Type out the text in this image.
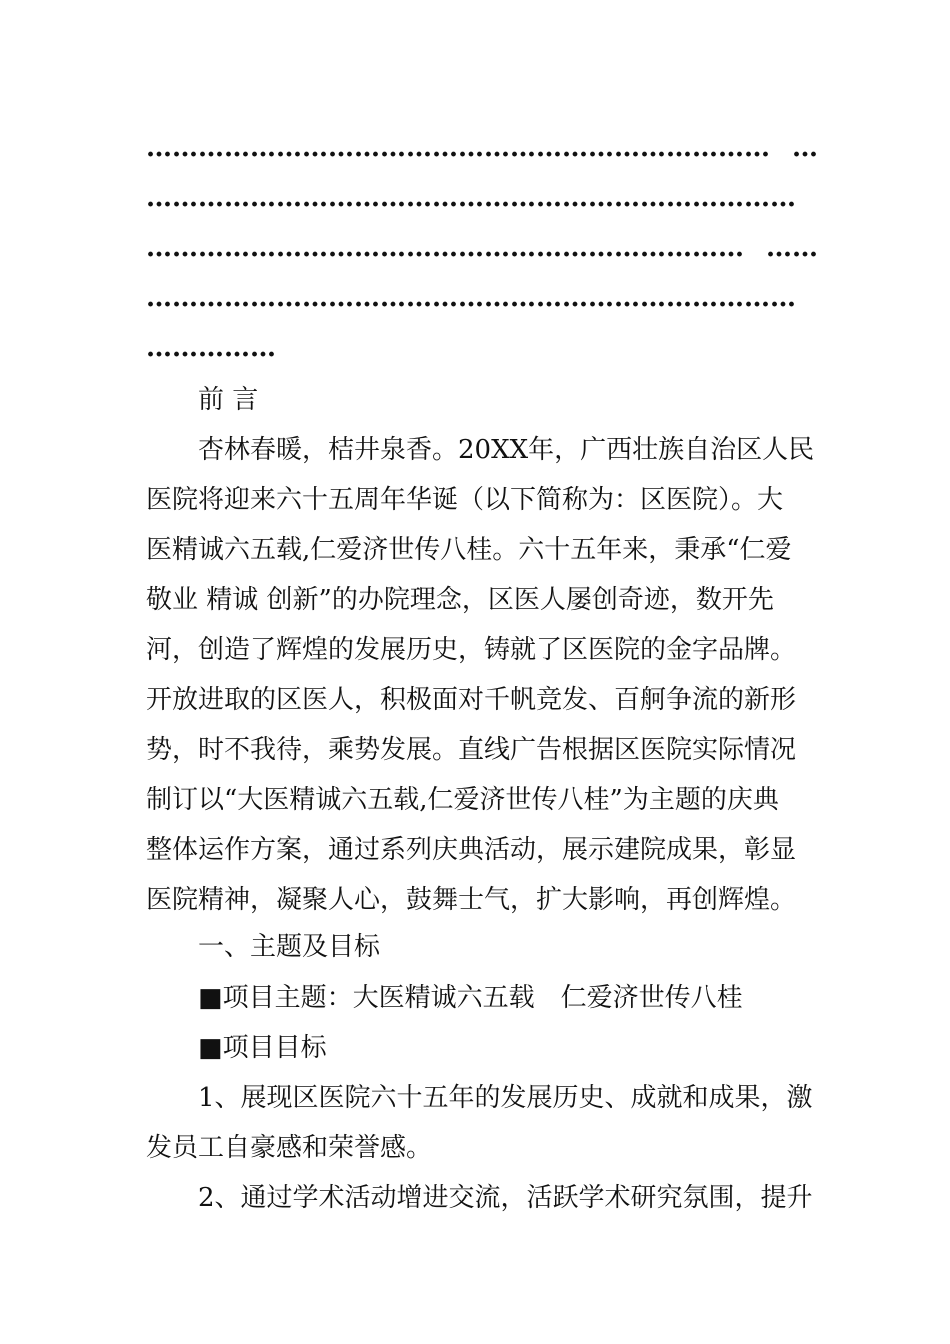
……………………………………………………………… …
…………………………………………………………………
…………………………………………………………… ……
…………………………………………………………………
……………
前 言
杏林春暖，桔井泉香。20XX年，广西壮族自治区人民
医院将迎来六十五周年华诞（以下简称为：区医院）。大
医精诚六五载,仁爱济世传八桂。六十五年来，秉承“仁爱
敬业 精诚 创新”的办院理念，区医人屡创奇迹，数开先
河，创造了辉煌的发展历史，铸就了区医院的金字品牌。
开放进取的区医人，积极面对千帆竞发、百舸争流的新形
势，时不我待，乘势发展。直线广告根据区医院实际情况
制订以“大医精诚六五载,仁爱济世传八桂”为主题的庆典
整体运作方案，通过系列庆典活动，展示建院成果，彰显
医院精神，凝聚人心，鼓舞士气，扩大影响，再创辉煌。
一、主题及目标
■项目主题：大医精诚六五载　仁爱济世传八桂
■项目目标
1、展现区医院六十五年的发展历史、成就和成果，激
发员工自豪感和荣誉感。
2、通过学术活动增进交流，活跃学术研究氛围，提升
